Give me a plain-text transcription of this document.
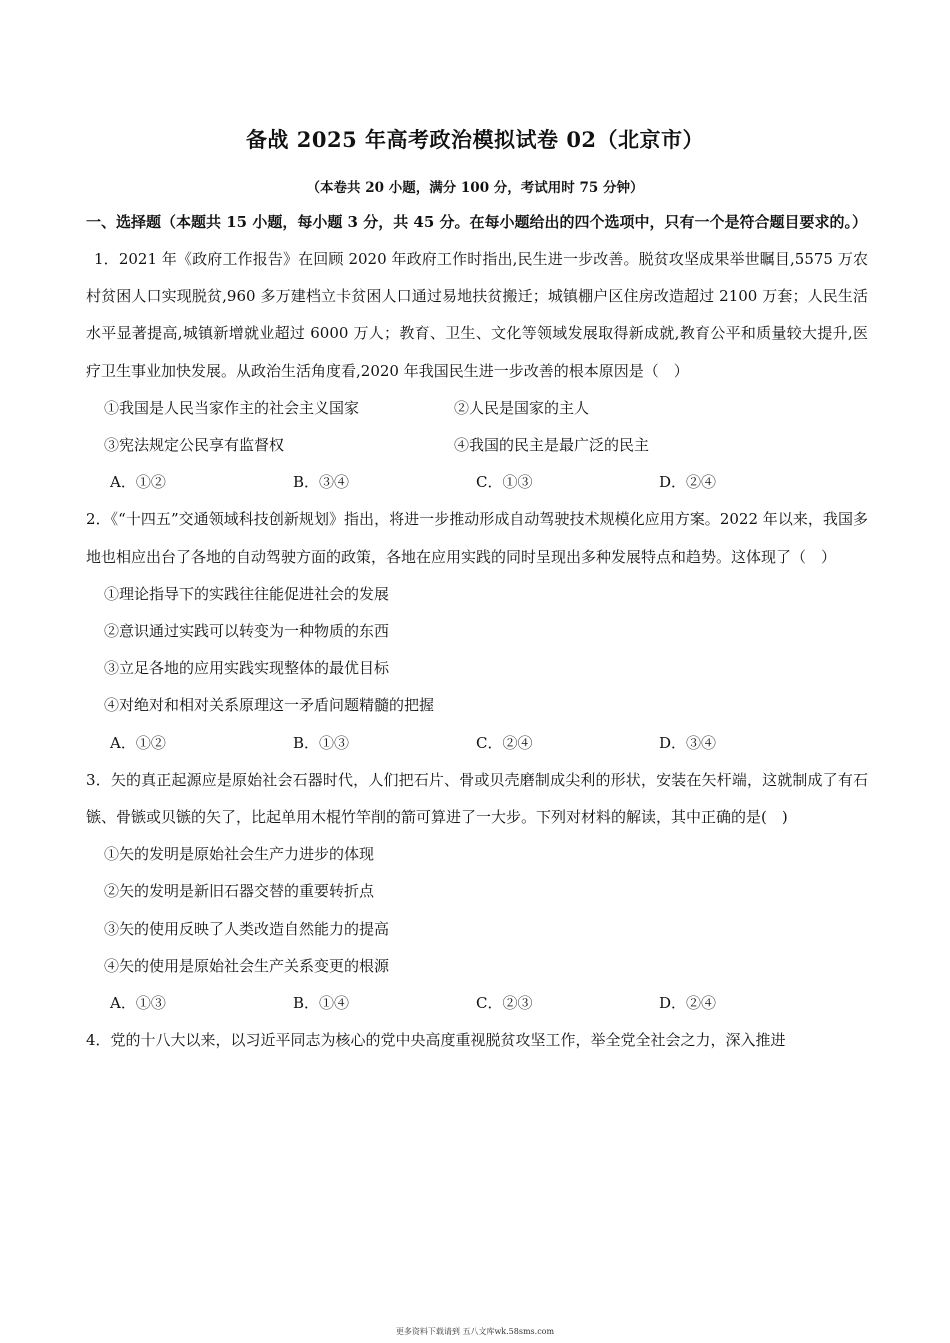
备战 2025 年高考政治模拟试卷 02（北京市）
（本卷共 20 小题，满分 100 分，考试用时 75 分钟）

一、选择题（本题共 15 小题，每小题 3 分，共 45 分。在每小题给出的四个选项中，只有一个是符合题目要求的。）

1．2021 年《政府工作报告》在回顾 2020 年政府工作时指出,民生进一步改善。脱贫攻坚成果举世瞩目,5575 万农村贫困人口实现脱贫,960 多万建档立卡贫困人口通过易地扶贫搬迁；城镇棚户区住房改造超过 2100 万套；人民生活水平显著提高,城镇新增就业超过 6000 万人；教育、卫生、文化等领域发展取得新成就,教育公平和质量较大提升,医疗卫生事业加快发展。从政治生活角度看,2020 年我国民生进一步改善的根本原因是（　）

①我国是人民当家作主的社会主义国家	②人民是国家的主人
③宪法规定公民享有监督权	④我国的民主是最广泛的民主
A．①②	B．③④	C．①③	D．②④

2．《“十四五”交通领域科技创新规划》指出，将进一步推动形成自动驾驶技术规模化应用方案。2022 年以来，我国多地也相应出台了各地的自动驾驶方面的政策，各地在应用实践的同时呈现出多种发展特点和趋势。这体现了（　）

①理论指导下的实践往往能促进社会的发展

②意识通过实践可以转变为一种物质的东西

③立足各地的应用实践实现整体的最优目标

④对绝对和相对关系原理这一矛盾问题精髓的把握

A．①②	B．①③	C．②④	D．③④

3．矢的真正起源应是原始社会石器时代，人们把石片、骨或贝壳磨制成尖利的形状，安装在矢杆端，这就制成了有石镞、骨镞或贝镞的矢了，比起单用木棍竹竿削的箭可算进了一大步。下列对材料的解读，其中正确的是(　)

①矢的发明是原始社会生产力进步的体现

②矢的发明是新旧石器交替的重要转折点

③矢的使用反映了人类改造自然能力的提高

④矢的使用是原始社会生产关系变更的根源

A．①③	B．①④	C．②③	D．②④

4．党的十八大以来，以习近平同志为核心的党中央高度重视脱贫攻坚工作，举全党全社会之力，深入推进

更多资料下载请到 五八文库wk.58sms.com
